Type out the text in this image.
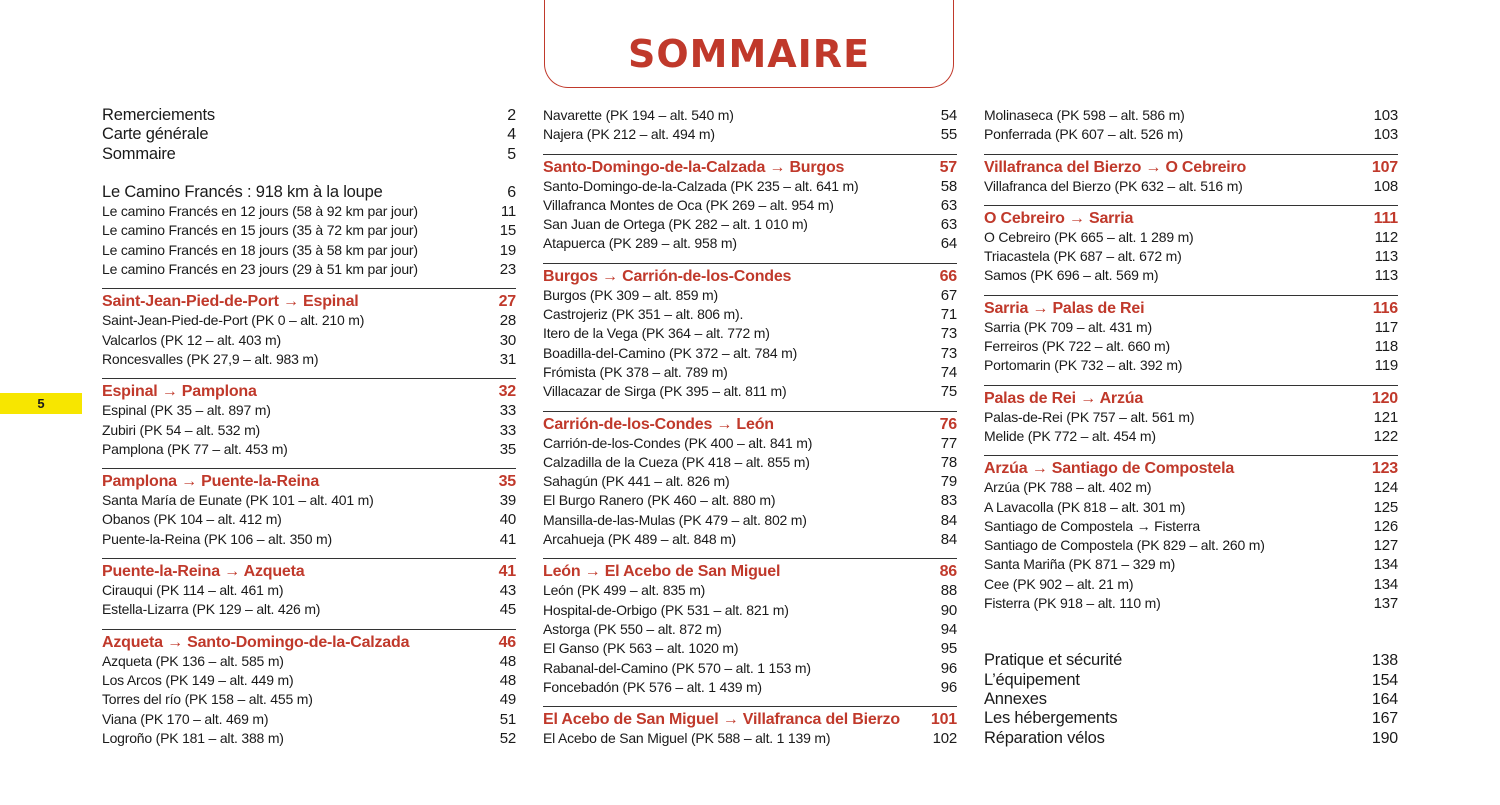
SOMMAIRE
5
Remerciements	2
Carte générale	4
Sommaire	5
Le Camino Francés : 918 km à la loupe	6
Le camino Francés en 12 jours (58 à 92 km par jour)	11
Le camino Francés en 15 jours (35 à 72 km par jour)	15
Le camino Francés en 18 jours (35 à 58 km par jour)	19
Le camino Francés en 23 jours (29 à 51 km par jour)	23
Saint-Jean-Pied-de-Port → Espinal	27
Saint-Jean-Pied-de-Port (PK 0 – alt. 210 m)	28
Valcarlos (PK 12 – alt. 403 m)	30
Roncesvalles (PK 27,9 – alt. 983 m)	31
Espinal → Pamplona	32
Espinal (PK 35 – alt. 897 m)	33
Zubiri (PK 54 – alt. 532 m)	33
Pamplona (PK 77 – alt. 453 m)	35
Pamplona → Puente-la-Reina	35
Santa María de Eunate (PK 101 – alt. 401 m)	39
Obanos (PK 104 – alt. 412 m)	40
Puente-la-Reina (PK 106 – alt. 350 m)	41
Puente-la-Reina → Azqueta	41
Cirauqui (PK 114 – alt. 461 m)	43
Estella-Lizarra (PK 129 – alt. 426 m)	45
Azqueta → Santo-Domingo-de-la-Calzada	46
Azqueta (PK 136 – alt. 585 m)	48
Los Arcos (PK 149 – alt. 449 m)	48
Torres del río (PK 158 – alt. 455 m)	49
Viana (PK 170 – alt. 469 m)	51
Logroño (PK 181 – alt. 388 m)	52
Navarette (PK 194 – alt. 540 m)	54
Najera (PK 212 – alt. 494 m)	55
Santo-Domingo-de-la-Calzada → Burgos	57
Santo-Domingo-de-la-Calzada (PK 235 – alt. 641 m)	58
Villafranca Montes de Oca (PK 269 – alt. 954 m)	63
San Juan de Ortega (PK 282 – alt. 1 010 m)	63
Atapuerca (PK 289 – alt. 958 m)	64
Burgos → Carrión-de-los-Condes	66
Burgos (PK 309 – alt. 859 m)	67
Castrojeriz (PK 351 – alt. 806 m).	71
Itero de la Vega (PK 364 – alt. 772 m)	73
Boadilla-del-Camino (PK 372 – alt. 784 m)	73
Frómista (PK 378 – alt. 789 m)	74
Villacazar de Sirga (PK 395 – alt. 811 m)	75
Carrión-de-los-Condes → León	76
Carrión-de-los-Condes (PK 400 – alt. 841 m)	77
Calzadilla de la Cueza (PK 418 – alt. 855 m)	78
Sahagún (PK 441 – alt. 826 m)	79
El Burgo Ranero (PK 460 – alt. 880 m)	83
Mansilla-de-las-Mulas (PK 479 – alt. 802 m)	84
Arcahueja (PK 489 – alt. 848 m)	84
León → El Acebo de San Miguel	86
León (PK 499 – alt. 835 m)	88
Hospital-de-Orbigo (PK 531 – alt. 821 m)	90
Astorga (PK 550 – alt. 872 m)	94
El Ganso (PK 563 – alt. 1020 m)	95
Rabanal-del-Camino (PK 570 – alt. 1 153 m)	96
Foncebadón (PK 576 – alt. 1 439 m)	96
El Acebo de San Miguel → Villafranca del Bierzo 101
El Acebo de San Miguel (PK 588 – alt. 1 139 m)	102
Molinaseca (PK 598 – alt. 586 m)	103
Ponferrada (PK 607 – alt. 526 m)	103
Villafranca del Bierzo → O Cebreiro	107
Villafranca del Bierzo (PK 632 – alt. 516 m)	108
O Cebreiro → Sarria	111
O Cebreiro (PK 665 – alt. 1 289 m)	112
Triacastela (PK 687 – alt. 672 m)	113
Samos (PK 696 – alt. 569 m)	113
Sarria → Palas de Rei	116
Sarria (PK 709 – alt. 431 m)	117
Ferreiros (PK 722 – alt. 660 m)	118
Portomarin (PK 732 – alt. 392 m)	119
Palas de Rei → Arzúa	120
Palas-de-Rei (PK 757 – alt. 561 m)	121
Melide (PK 772 – alt. 454 m)	122
Arzúa → Santiago de Compostela	123
Arzúa (PK 788 – alt. 402 m)	124
A Lavacolla (PK 818 – alt. 301 m)	125
Santiago de Compostela → Fisterra	126
Santiago de Compostela (PK 829 – alt. 260 m)	127
Santa Mariña (PK 871 – 329 m)	134
Cee (PK 902 – alt. 21 m)	134
Fisterra (PK 918 – alt. 110 m)	137
Pratique et sécurité	138
L’équipement	154
Annexes	164
Les hébergements	167
Réparation vélos	190
